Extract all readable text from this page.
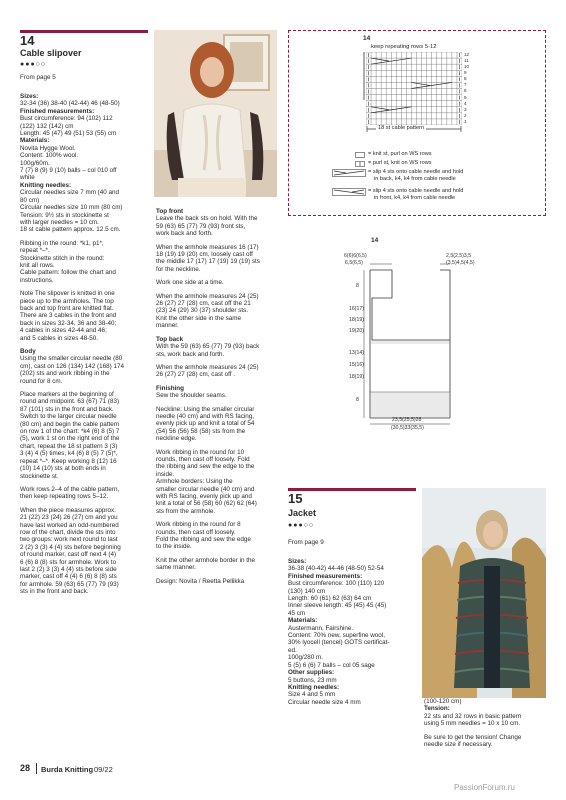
14
Cable slipover
●●●○○
From page 5
Sizes:
32-34 (36) 38-40 (42-44) 46 (48-50)
Finished measurements:
Bust circumference: 94 (102) 112
(122) 132 (142) cm
Length: 45 (47) 49 (51) 53 (55) cm
Materials:
Novita Hygge Wool.
Content: 100% wool.
100g/60m.
7 (7) 8 (9) 9 (10) balls – col 010 off
white
Knitting needles:
Circular needles size 7 mm (40 and
80 cm)
Circular needles size 10 mm (80 cm)
Tension: 9½ sts in stockinette st
with larger needles = 10 cm.
18 st cable pattern approx. 12.5 cm.
Ribbing in the round: *k1, p1*,
repeat *–*.
Stockinette stitch in the round:
knit all rows.
Cable pattern: follow the chart and
instructions.
Note The slipover is knitted in one
piece up to the armholes. The top
back and top front are knitted flat.
There are 3 cables in the front and
back in sizes 32-34, 36 and 38-40;
4 cables in sizes 42-44 and 46;
and 5 cables in sizes 48-50.
Body
Using the smaller circular needle (80
cm), cast on 126 (134) 142 (168) 174
(202) sts and work ribbing in the
round for 8 cm.
Place markers at the beginning of
round and midpoint. 63 (67) 71 (83)
87 (101) sts in the front and back.
Switch to the larger circular needle
(80 cm) and begin the cable pattern
on row 1 of the chart: *k4 (6) 8 (5) 7
(5), work 1 st on the right end of the
chart, repeat the 18 st pattern 3 (3)
3 (4) 4 (5) times, k4 (6) 8 (5) 7 (5)*,
repeat *–*. Keep working 8 (12) 16
(10) 14 (10) sts at both ends in
stockinette st.
Work rows 2–4 of the cable pattern,
then keep repeating rows 5–12.
When the piece measures approx.
21 (22) 23 (24) 26 (27) cm and you
have last worked an odd-numbered
row of the chart, divide the sts into
two groups: work next round to last
2 (2) 3 (3) 4 (4) sts before beginning
of round marker, cast off next 4 (4)
6 (6) 8 (8) sts for armhole. Work to
last 2 (2) 3 (3) 4 (4) sts before side
marker, cast off 4 (4) 6 (6) 8 (8) sts
for armhole. 59 (63) 65 (77) 79 (93)
sts in the front and back.
Top front
Leave the back sts on hold. With the
59 (63) 65 (77) 79 (93) front sts,
work back and forth.
When the armhole measures 16 (17)
18 (19) 19 (20) cm, loosely cast off
the middle 17 (17) 17 (19) 19 (19) sts
for the neckline.
Work one side at a time.
When the armhole measures 24 (25)
26 (27) 27 (28) cm, cast off the 21
(23) 24 (29) 30 (37) shoulder sts.
Knit the other side in the same
manner.
Top back
With the 59 (63) 65 (77) 79 (93) back
sts, work back and forth.
When the armhole measures 24 (25)
26 (27) 27 (28) cm, cast off .
Finishing
Sew the shoulder seams.
Neckline: Using the smaller circular
needle (40 cm) and with RS facing,
evenly pick up and knit a total of 54
(54) 56 (56) 58 (58) sts from the
neckline edge.
Work ribbing in the round for 10
rounds, then cast off loosely. Fold
the ribbing and sew the edge to the
inside.
Armhole borders: Using the
smaller circular needle (40 cm) and
with RS facing, evenly pick up and
knit a total of 56 (58) 60 (62) 62 (64)
sts from the armhole.
Work ribbing in the round for 8
rounds, then cast off loosely.
Fold the ribbing and sew the edge
to the inside.
Knit the other armhole border in the
same manner.
Design: Novita / Reetta Pellikka
14
keep repeating rows 5-12
12
11
10
9
8
7
6
5
4
3
2
1
18 st cable pattern
= knit st, purl on WS rows
= purl st, knit on WS rows
= slip 4 sts onto cable needle and hold
in back, k4, k4 from cable needle
= slip 4 sts onto cable needle and hold
in front, k4, k4 from cable needle
14
6(6)6(6,5)
6,5(6,5)
2,5(2,5)3,5
(3,5)4,5(4,5)
8
16(17)
18(19)
19(20)
13(14)
15(16)
18(19)
8
23,5(25,5)28
(30,5)33(35,5)
15
Jacket
●●●○○
From page 9
Sizes:
36-38 (40-42) 44-46 (48-50) 52-54
Finished measurements:
Bust circumference: 100 (110) 120
(130) 140 cm
Length: 60 (61) 62 (63) 64 cm
Inner sleeve length: 45 (45) 45 (45)
45 cm
Materials:
Austermann, Fairshine.
Content: 70% new, superfine wool,
30% lyocell (tencel) GOTS certificat-
ed.
100g/280 m.
5 (5) 6 (6) 7 balls – col 05 sage
Other supplies:
5 buttons, 23 mm
Knitting needles:
Size 4 and 5 mm
Circular needle size 4 mm	(100-120 cm)
Tension:
22 sts and 32 rows in basic pattern
using 5 mm needles = 10 x 10 cm.
Be sure to get the tension! Change
needle size if necessary.
28 Burda Knitting 09/22
PassionForum.ru
